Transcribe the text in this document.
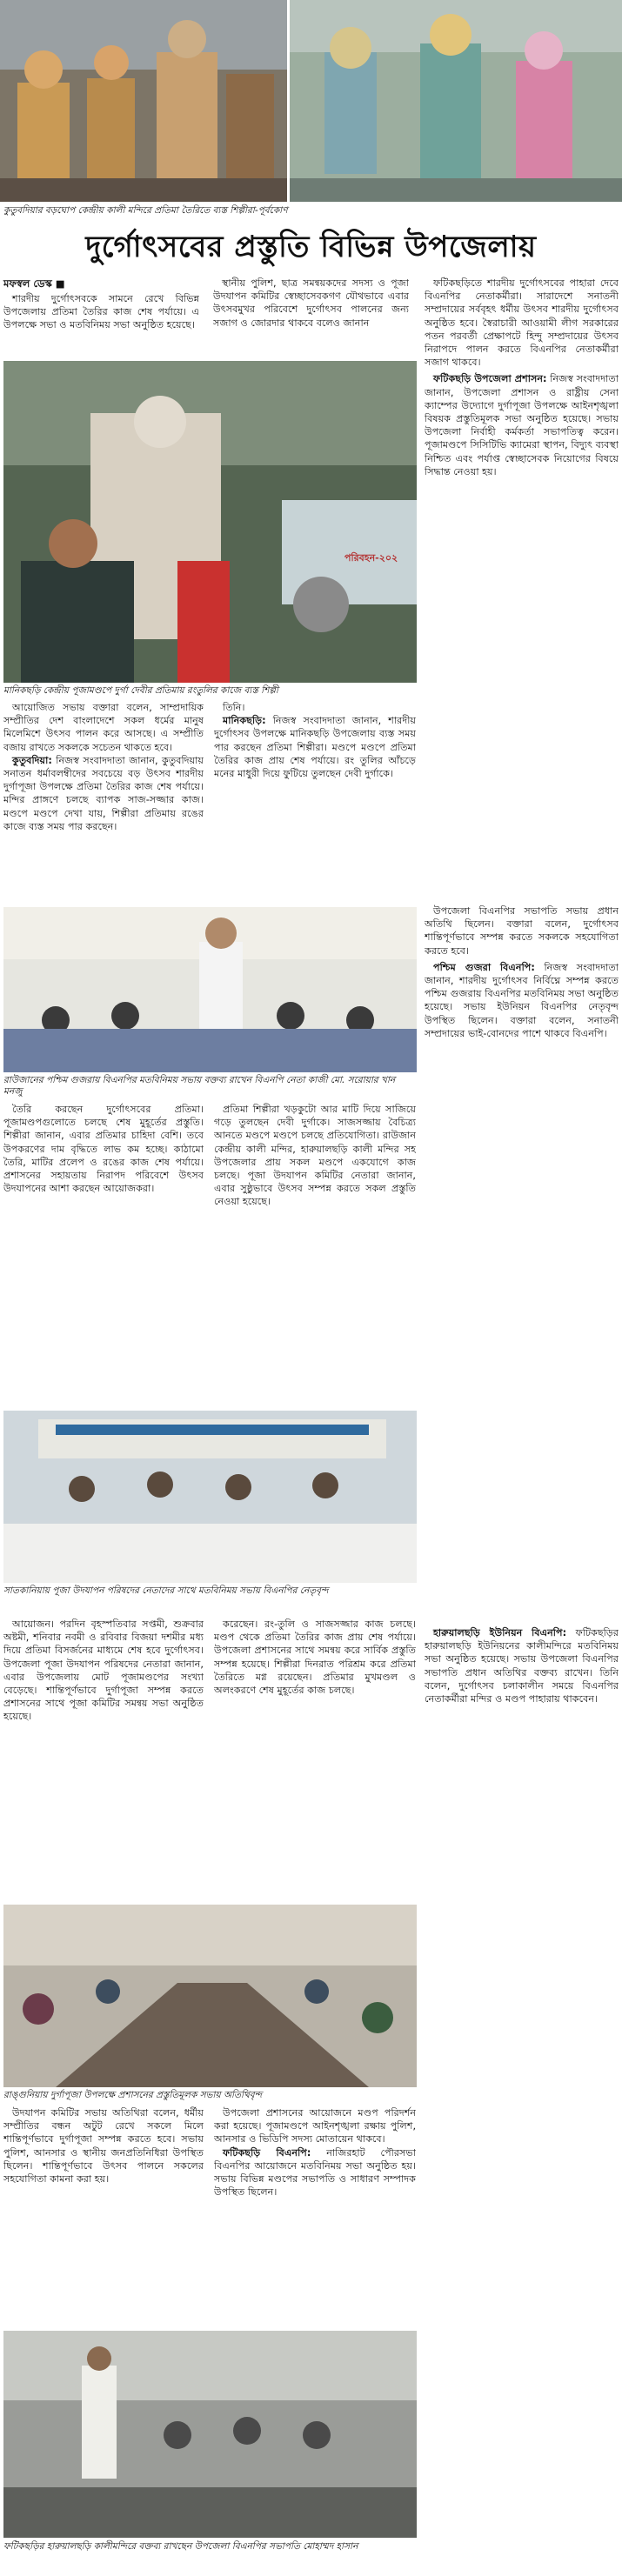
কুতুবদিয়ার বড়ঘোপ কেন্দ্রীয় কালী মন্দিরে প্রতিমা তৈরিতে ব্যস্ত শিল্পীরা-পূর্বকোণ
দুর্গোৎসবের প্রস্তুতি বিভিন্ন উপজেলায়
মফস্বল ডেস্ক ■

শারদীয় দুর্গোৎসবকে সামনে রেখে বিভিন্ন উপজেলায় প্রতিমা তৈরির কাজ শেষ পর্যায়ে। এ উপলক্ষে সভা ও মতবিনিময় সভা অনুষ্ঠিত হয়েছে।

স্থানীয় পুলিশ, ছাত্র সমন্বয়কদের সদস্য ও পূজা উদযাপন কমিটির স্বেচ্ছাসেবকগণ যৌথভাবে এবার উৎসবমুখর পরিবেশে দুর্গোৎসব পালনের জন্য সজাগ ও জোরদার থাকবে বলেও জানান

ফটিকছড়িতে শারদীয় দুর্গোৎসবের পাহারা দেবে বিএনপির নেতাকর্মীরা। সারাদেশে সনাতনী সম্প্রদায়ের সর্ববৃহৎ ধর্মীয় উৎসব শারদীয় দুর্গোৎসব অনুষ্ঠিত হবে। স্বৈরাচারী আওয়ামী লীগ সরকারের পতন পরবর্তী প্রেক্ষাপটে হিন্দু সম্প্রদায়ের উৎসব নিরাপদে পালন করতে বিএনপির নেতাকর্মীরা সজাগ থাকবে।

ফটিকছড়ি উপজেলা প্রশাসন: নিজস্ব সংবাদদাতা জানান, উপজেলা প্রশাসন ও রাষ্ট্রীয় সেনা ক্যাম্পের উদ্যোগে দুর্গাপূজা উপলক্ষে আইনশৃঙ্খলা বিষয়ক প্রস্তুতিমূলক সভা অনুষ্ঠিত হয়েছে। সভায় উপজেলা নির্বাহী কর্মকর্তা সভাপতিত্ব করেন। পূজামণ্ডপে সিসিটিভি ক্যামেরা স্থাপন, বিদ্যুৎ ব্যবস্থা নিশ্চিত এবং পর্যাপ্ত স্বেচ্ছাসেবক নিয়োগের বিষয়ে সিদ্ধান্ত নেওয়া হয়।

পরিবহন-২০২
মানিকছড়ি কেন্দ্রীয় পূজামণ্ডপে দুর্গা দেবীর প্রতিমায় রংতুলির কাজে ব্যস্ত শিল্পী

আয়োজিত সভায় বক্তারা বলেন, সাম্প্রদায়িক সম্প্রীতির দেশ বাংলাদেশে সকল ধর্মের মানুষ মিলেমিশে উৎসব পালন করে আসছে। এ সম্প্রীতি বজায় রাখতে সকলকে সচেতন থাকতে হবে।

কুতুবদিয়া: নিজস্ব সংবাদদাতা জানান, কুতুবদিয়ায় সনাতন ধর্মাবলম্বীদের সবচেয়ে বড় উৎসব শারদীয় দুর্গাপূজা উপলক্ষে প্রতিমা তৈরির কাজ শেষ পর্যায়ে। মন্দির প্রাঙ্গণে চলছে ব্যাপক সাজ-সজ্জার কাজ। মণ্ডপে মণ্ডপে দেখা যায়, শিল্পীরা প্রতিমায় রঙের কাজে ব্যস্ত সময় পার করছেন।

তিনি।

মানিকছড়ি: নিজস্ব সংবাদদাতা জানান, শারদীয় দুর্গোৎসব উপলক্ষে মানিকছড়ি উপজেলায় ব্যস্ত সময় পার করছেন প্রতিমা শিল্পীরা। মণ্ডপে মণ্ডপে প্রতিমা তৈরির কাজ প্রায় শেষ পর্যায়ে। রং তুলির আঁচড়ে মনের মাধুরী দিয়ে ফুটিয়ে তুলছেন দেবী দুর্গাকে।

রাউজানের পশ্চিম গুজরায় বিএনপির মতবিনিময় সভায় বক্তব্য রাখেন বিএনপি নেতা কাজী মো. সরোয়ার খান মনজু

তৈরি করছেন দুর্গোৎসবের প্রতিমা। পূজামণ্ডপগুলোতে চলছে শেষ মুহূর্তের প্রস্তুতি। শিল্পীরা জানান, এবার প্রতিমার চাহিদা বেশি। তবে উপকরণের দাম বৃদ্ধিতে লাভ কম হচ্ছে। কাঠামো তৈরি, মাটির প্রলেপ ও রঙের কাজ শেষ পর্যায়ে। প্রশাসনের সহায়তায় নিরাপদ পরিবেশে উৎসব উদযাপনের আশা করছেন আয়োজকরা।

প্রতিমা শিল্পীরা খড়কুটো আর মাটি দিয়ে সাজিয়ে গড়ে তুলছেন দেবী দুর্গাকে। সাজসজ্জায় বৈচিত্র্য আনতে মণ্ডপে মণ্ডপে চলছে প্রতিযোগিতা। রাউজান কেন্দ্রীয় কালী মন্দির, হারুয়ালছড়ি কালী মন্দির সহ উপজেলার প্রায় সকল মণ্ডপে একযোগে কাজ চলছে। পূজা উদযাপন কমিটির নেতারা জানান, এবার সুষ্ঠুভাবে উৎসব সম্পন্ন করতে সকল প্রস্তুতি নেওয়া হয়েছে।

উপজেলা বিএনপির সভাপতি সভায় প্রধান অতিথি ছিলেন। বক্তারা বলেন, দুর্গোৎসব শান্তিপূর্ণভাবে সম্পন্ন করতে সকলকে সহযোগিতা করতে হবে।

পশ্চিম গুজরা বিএনপি: নিজস্ব সংবাদদাতা জানান, শারদীয় দুর্গোৎসব নির্বিঘ্নে সম্পন্ন করতে পশ্চিম গুজরায় বিএনপির মতবিনিময় সভা অনুষ্ঠিত হয়েছে। সভায় ইউনিয়ন বিএনপির নেতৃবৃন্দ উপস্থিত ছিলেন। বক্তারা বলেন, সনাতনী সম্প্রদায়ের ভাই-বোনদের পাশে থাকবে বিএনপি।

সাতকানিয়ায় পূজা উদযাপন পরিষদের নেতাদের সাথে মতবিনিময় সভায় বিএনপির নেতৃবৃন্দ

আয়োজন। পরদিন বৃহস্পতিবার সপ্তমী, শুক্রবার অষ্টমী, শনিবার নবমী ও রবিবার বিজয়া দশমীর মধ্য দিয়ে প্রতিমা বিসর্জনের মাধ্যমে শেষ হবে দুর্গোৎসব। উপজেলা পূজা উদযাপন পরিষদের নেতারা জানান, এবার উপজেলায় মোট পূজামণ্ডপের সংখ্যা বেড়েছে। শান্তিপূর্ণভাবে দুর্গাপূজা সম্পন্ন করতে প্রশাসনের সাথে পূজা কমিটির সমন্বয় সভা অনুষ্ঠিত হয়েছে।

করেছেন। রং-তুলি ও সাজসজ্জার কাজ চলছে। মণ্ডপ থেকে প্রতিমা তৈরির কাজ প্রায় শেষ পর্যায়ে। উপজেলা প্রশাসনের সাথে সমন্বয় করে সার্বিক প্রস্তুতি সম্পন্ন হয়েছে। শিল্পীরা দিনরাত পরিশ্রম করে প্রতিমা তৈরিতে মগ্ন রয়েছেন। প্রতিমার মুখমণ্ডল ও অলংকরণে শেষ মুহূর্তের কাজ চলছে।

হারুয়ালছড়ি ইউনিয়ন বিএনপি: ফটিকছড়ির হারুয়ালছড়ি ইউনিয়নের কালীমন্দিরে মতবিনিময় সভা অনুষ্ঠিত হয়েছে। সভায় উপজেলা বিএনপির সভাপতি প্রধান অতিথির বক্তব্য রাখেন। তিনি বলেন, দুর্গোৎসব চলাকালীন সময়ে বিএনপির নেতাকর্মীরা মন্দির ও মণ্ডপ পাহারায় থাকবেন।

রাঙ্গুনিয়ায় দুর্গাপূজা উপলক্ষে প্রশাসনের প্রস্তুতিমূলক সভায় অতিথিবৃন্দ

উদযাপন কমিটির সভায় অতিথিরা বলেন, ধর্মীয় সম্প্রীতির বন্ধন অটুট রেখে সকলে মিলে শান্তিপূর্ণভাবে দুর্গাপূজা সম্পন্ন করতে হবে। সভায় পুলিশ, আনসার ও স্থানীয় জনপ্রতিনিধিরা উপস্থিত ছিলেন। শান্তিপূর্ণভাবে উৎসব পালনে সকলের সহযোগিতা কামনা করা হয়।

উপজেলা প্রশাসনের আয়োজনে মণ্ডপ পরিদর্শন করা হয়েছে। পূজামণ্ডপে আইনশৃঙ্খলা রক্ষায় পুলিশ, আনসার ও ভিডিপি সদস্য মোতায়েন থাকবে।

ফটিকছড়ি বিএনপি: নাজিরহাট পৌরসভা বিএনপির আয়োজনে মতবিনিময় সভা অনুষ্ঠিত হয়। সভায় বিভিন্ন মণ্ডপের সভাপতি ও সাধারণ সম্পাদক উপস্থিত ছিলেন।

ফটিকছড়ির হারুয়ালছড়ি কালীমন্দিরে বক্তব্য রাখছেন উপজেলা বিএনপির সভাপতি মোহাম্মদ হাসান
